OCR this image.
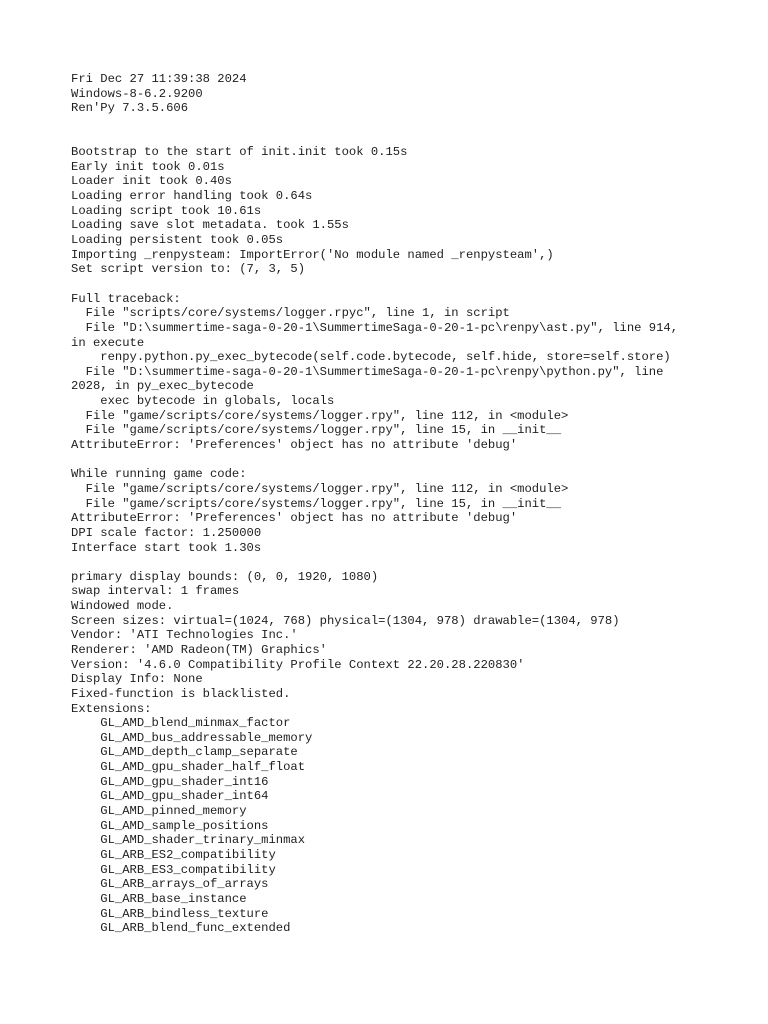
Fri Dec 27 11:39:38 2024
Windows-8-6.2.9200
Ren'Py 7.3.5.606
Bootstrap to the start of init.init took 0.15s
Early init took 0.01s
Loader init took 0.40s
Loading error handling took 0.64s
Loading script took 10.61s
Loading save slot metadata. took 1.55s
Loading persistent took 0.05s
Importing _renpysteam: ImportError('No module named _renpysteam',)
Set script version to: (7, 3, 5)
Full traceback:
File "scripts/core/systems/logger.rpyc", line 1, in script
File "D:\summertime-saga-0-20-1\SummertimeSaga-0-20-1-pc\renpy\ast.py", line 914,
in execute
renpy.python.py_exec_bytecode(self.code.bytecode, self.hide, store=self.store)
File "D:\summertime-saga-0-20-1\SummertimeSaga-0-20-1-pc\renpy\python.py", line
2028, in py_exec_bytecode
exec bytecode in globals, locals
File "game/scripts/core/systems/logger.rpy", line 112, in <module>
File "game/scripts/core/systems/logger.rpy", line 15, in __init__
AttributeError: 'Preferences' object has no attribute 'debug'
While running game code:
File "game/scripts/core/systems/logger.rpy", line 112, in <module>
File "game/scripts/core/systems/logger.rpy", line 15, in __init__
AttributeError: 'Preferences' object has no attribute 'debug'
DPI scale factor: 1.250000
Interface start took 1.30s
primary display bounds: (0, 0, 1920, 1080)
swap interval: 1 frames
Windowed mode.
Screen sizes: virtual=(1024, 768) physical=(1304, 978) drawable=(1304, 978)
Vendor: 'ATI Technologies Inc.'
Renderer: 'AMD Radeon(TM) Graphics'
Version: '4.6.0 Compatibility Profile Context 22.20.28.220830'
Display Info: None
Fixed-function is blacklisted.
Extensions:
GL_AMD_blend_minmax_factor
GL_AMD_bus_addressable_memory
GL_AMD_depth_clamp_separate
GL_AMD_gpu_shader_half_float
GL_AMD_gpu_shader_int16
GL_AMD_gpu_shader_int64
GL_AMD_pinned_memory
GL_AMD_sample_positions
GL_AMD_shader_trinary_minmax
GL_ARB_ES2_compatibility
GL_ARB_ES3_compatibility
GL_ARB_arrays_of_arrays
GL_ARB_base_instance
GL_ARB_bindless_texture
GL_ARB_blend_func_extended
